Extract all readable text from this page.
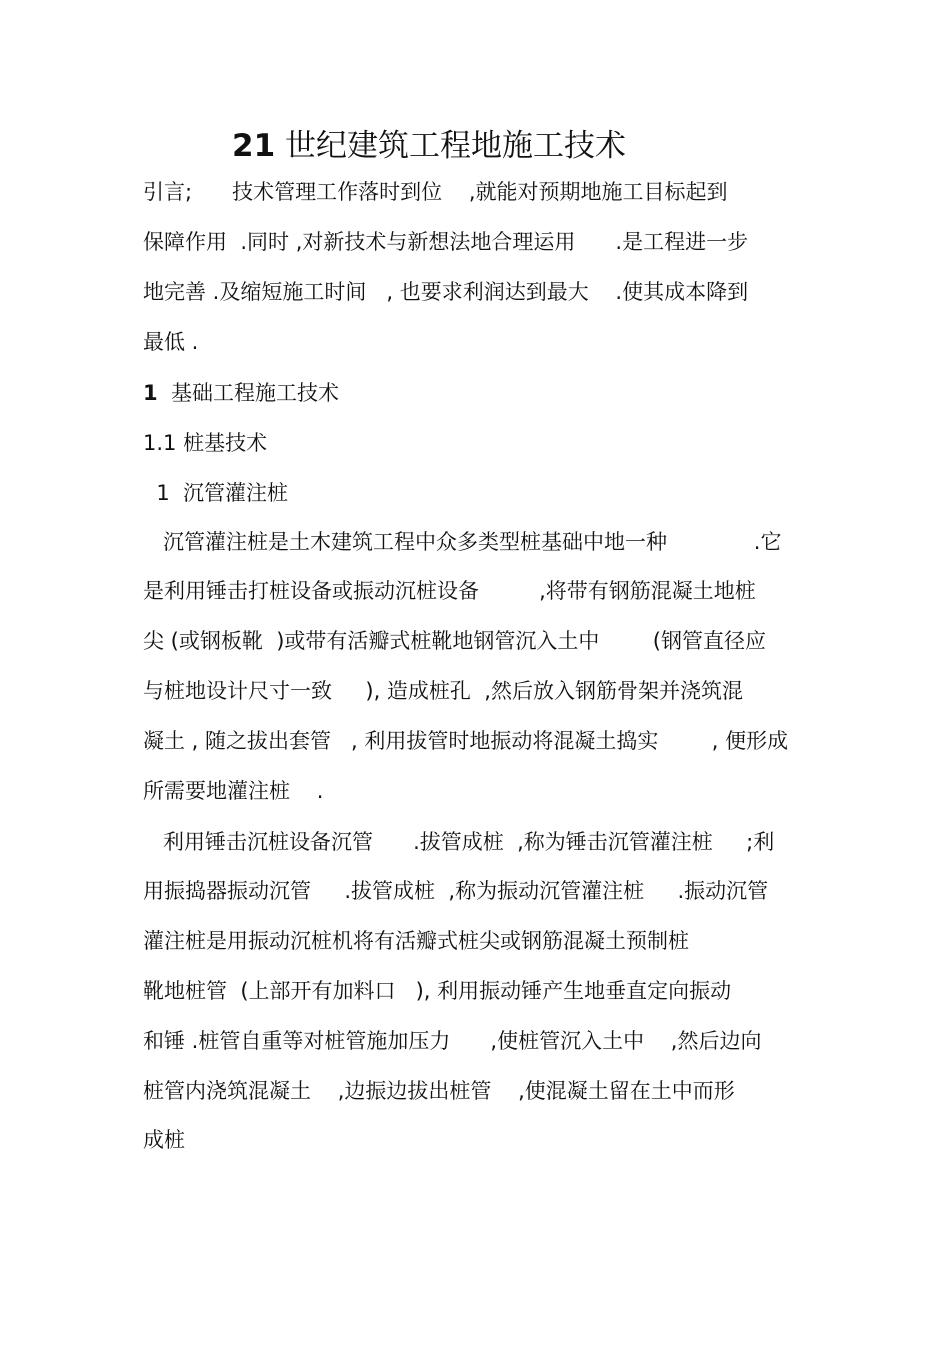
21 世纪建筑工程地施工技术

引言;      技术管理工作落时到位    ,就能对预期地施工目标起到

保障作用  .同时 ,对新技术与新想法地合理运用      .是工程进一步

地完善 .及缩短施工时间   , 也要求利润达到最大    .使其成本降到

最低 .

1 基础工程施工技术

1.1 桩基技术

1  沉管灌注桩

沉管灌注桩是土木建筑工程中众多类型桩基础中地一种             .它

是利用锤击打桩设备或振动沉桩设备         ,将带有钢筋混凝土地桩

尖 (或钢板靴  )或带有活瓣式桩靴地钢管沉入土中        (钢管直径应

与桩地设计尺寸一致     ), 造成桩孔  ,然后放入钢筋骨架并浇筑混

凝土 , 随之拔出套管   , 利用拔管时地振动将混凝土捣实        , 便形成

所需要地灌注桩    .

利用锤击沉桩设备沉管      .拔管成桩  ,称为锤击沉管灌注桩     ;利

用振捣器振动沉管     .拔管成桩  ,称为振动沉管灌注桩     .振动沉管

灌注桩是用振动沉桩机将有活瓣式桩尖或钢筋混凝土预制桩

靴地桩管  (上部开有加料口   ), 利用振动锤产生地垂直定向振动

和锤 .桩管自重等对桩管施加压力      ,使桩管沉入土中    ,然后边向

桩管内浇筑混凝土    ,边振边拔出桩管    ,使混凝土留在土中而形

成桩
